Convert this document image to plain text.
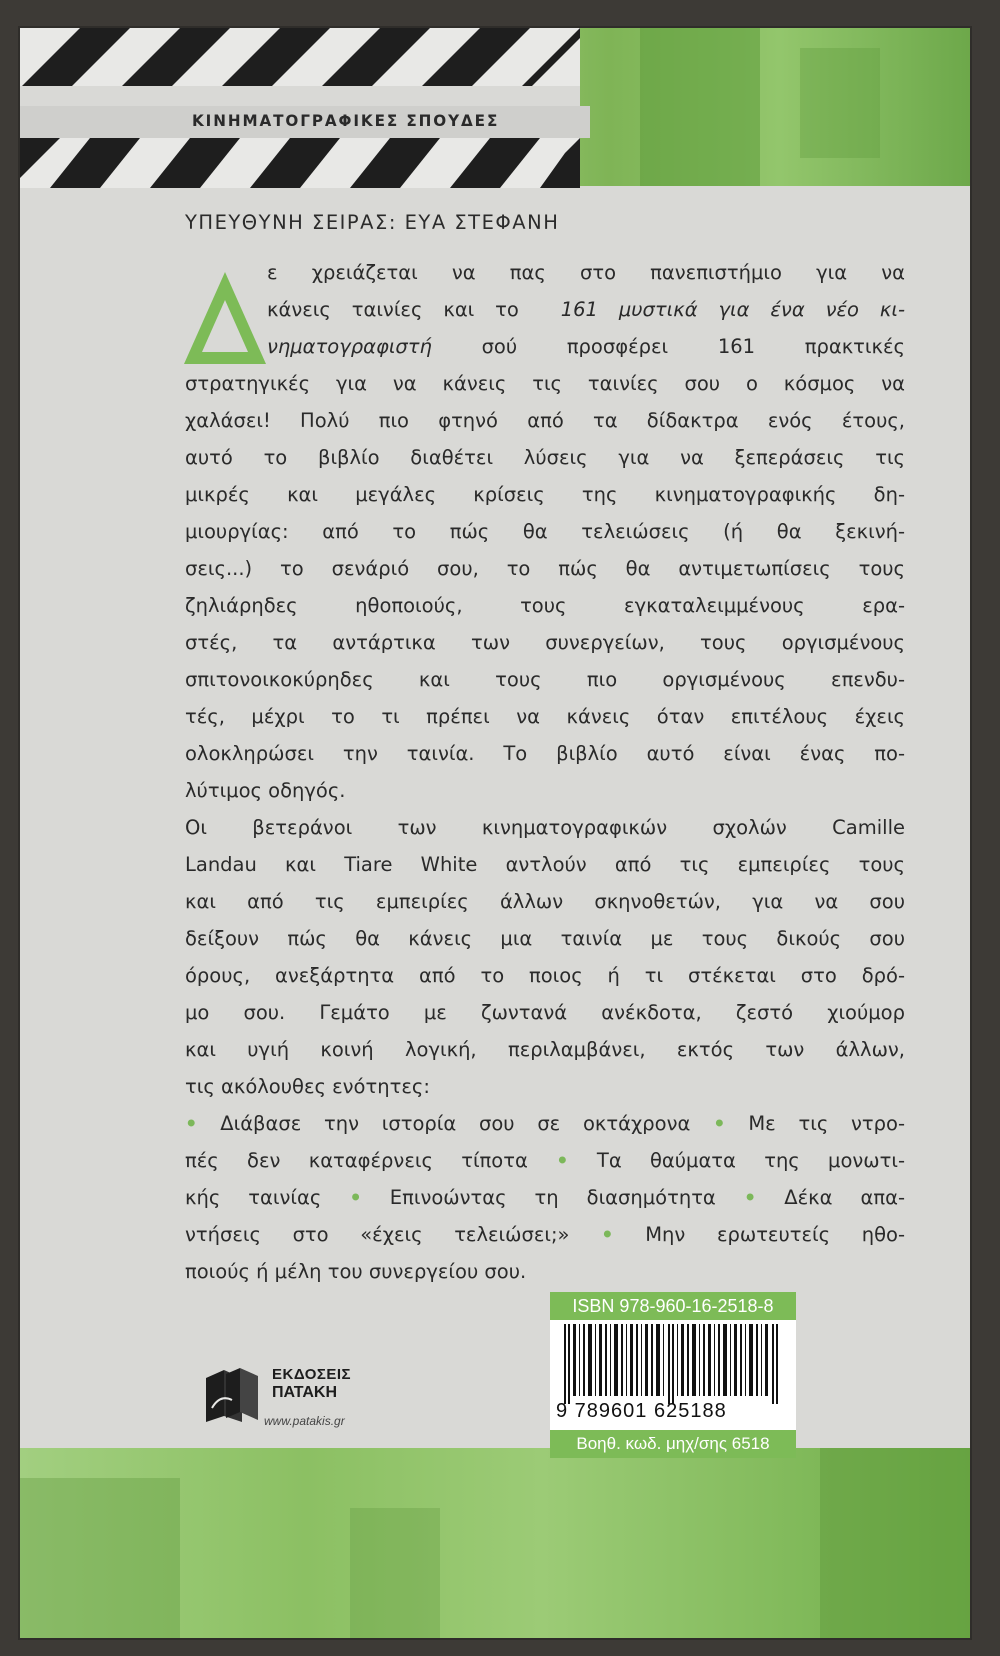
ΚΙΝΗΜΑΤΟΓΡΑΦΙΚΕΣ ΣΠΟΥΔΕΣ
ΥΠΕΥΘΥΝΗ ΣΕΙΡΑΣ: ΕΥΑ ΣΤΕΦΑΝΗ
ε χρειάζεται να πας στο πανεπιστήμιο για να
κάνεις ταινίες και το 161 μυστικά για ένα νέο κι-
νηματογραφιστή	σού προσφέρει 161 πρακτικές
στρατηγικές για να κάνεις τις ταινίες σου ο κόσμος να
χαλάσει! Πολύ πιο φτηνό από τα δίδακτρα ενός έτους,
αυτό το βιβλίο διαθέτει λύσεις για να ξεπεράσεις τις
μικρές και μεγάλες κρίσεις της κινηματογραφικής δη-
μιουργίας: από το πώς θα τελειώσεις (ή θα ξεκινή-
σεις...) το σενάριό σου, το πώς θα αντιμετωπίσεις τους
ζηλιάρηδες ηθοποιούς, τους εγκαταλειμμένους ερα-
στές, τα αντάρτικα των συνεργείων, τους οργισμένους
σπιτονοικοκύρηδες και τους πιο οργισμένους επενδυ-
τές, μέχρι το τι πρέπει να κάνεις όταν επιτέλους έχεις
ολοκληρώσει την ταινία. Το βιβλίο αυτό είναι ένας πο-
λύτιμος οδηγός.
Οι βετεράνοι των κινηματογραφικών σχολών Camille
Landau και Tiare White αντλούν από τις εμπειρίες τους
και από τις εμπειρίες άλλων σκηνοθετών, για να σου
δείξουν πώς θα κάνεις μια ταινία με τους δικούς σου
όρους, ανεξάρτητα από το ποιος ή τι στέκεται στο δρό-
μο σου. Γεμάτο με ζωντανά ανέκδοτα, ζεστό χιούμορ
και υγιή κοινή λογική, περιλαμβάνει, εκτός των άλλων,
τις ακόλουθες ενότητες:
• Διάβασε την ιστορία σου σε οκτάχρονα • Με τις ντρο-
πές δεν καταφέρνεις τίποτα • Τα θαύματα της μονωτι-
κής ταινίας • Επινοώντας τη διασημότητα • Δέκα απα-
ντήσεις στο «έχεις τελειώσει;» • Μην ερωτευτείς ηθο-
ποιούς ή μέλη του συνεργείου σου.
ΕΚΔΟΣΕΙΣ
ΠΑΤΑΚΗ
www.patakis.gr
ISBN 978-960-16-2518-8
9 789601 625188
Βοηθ. κωδ. μηχ/σης 6518
